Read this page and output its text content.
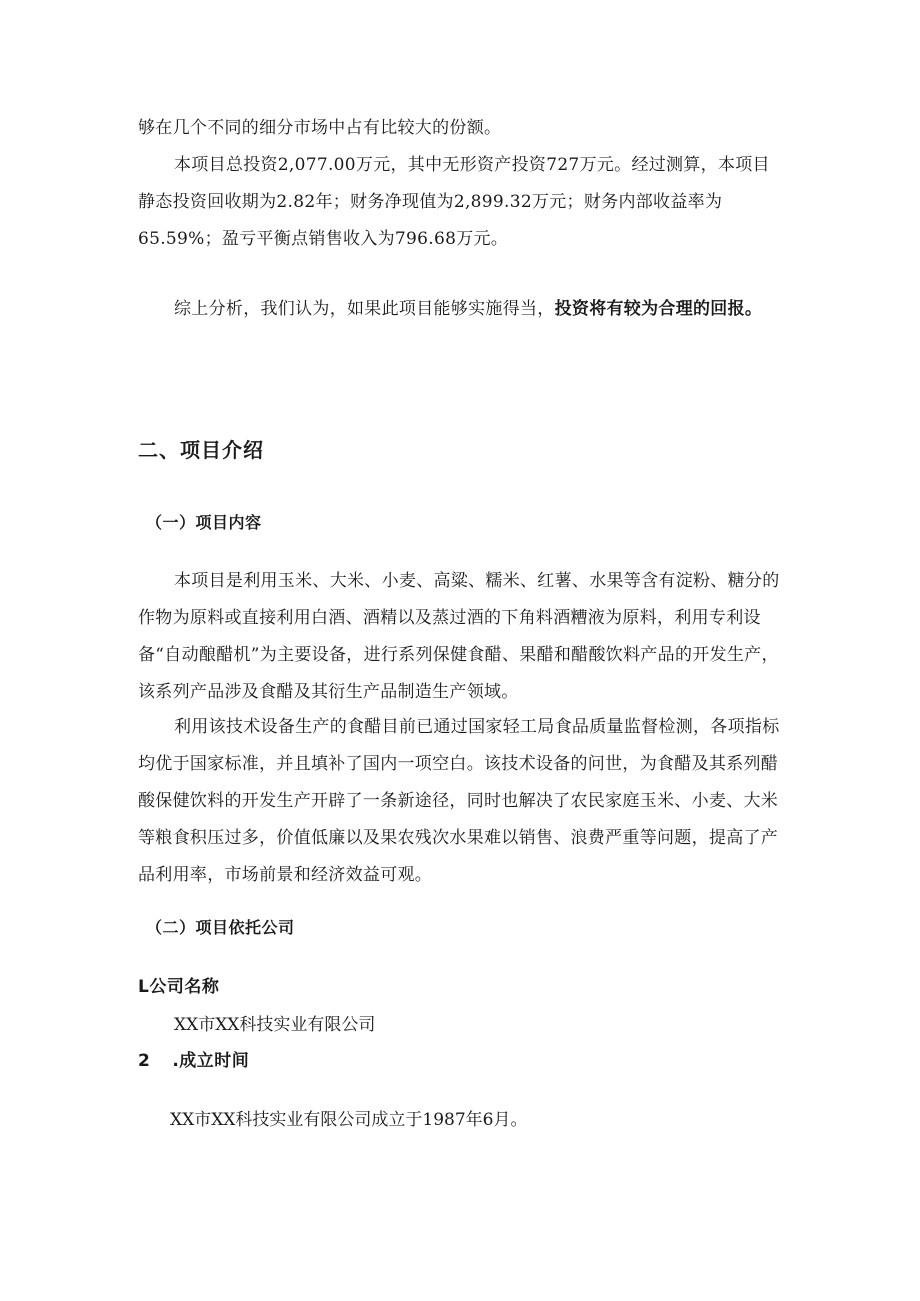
够在几个不同的细分市场中占有比较大的份额。
本项目总投资2,077.00万元，其中无形资产投资727万元。经过测算，本项目静态投资回收期为2.82年；财务净现值为2,899.32万元；财务内部收益率为65.59%；盈亏平衡点销售收入为796.68万元。
综上分析，我们认为，如果此项目能够实施得当，投资将有较为合理的回报。
二、项目介绍
（一）项目内容
本项目是利用玉米、大米、小麦、高粱、糯米、红薯、水果等含有淀粉、糖分的作物为原料或直接利用白酒、酒精以及蒸过酒的下角料酒糟液为原料，利用专利设备“自动酿醋机”为主要设备，进行系列保健食醋、果醋和醋酸饮料产品的开发生产，该系列产品涉及食醋及其衍生产品制造生产领域。
利用该技术设备生产的食醋目前已通过国家轻工局食品质量监督检测，各项指标均优于国家标准，并且填补了国内一项空白。该技术设备的问世，为食醋及其系列醋酸保健饮料的开发生产开辟了一条新途径，同时也解决了农民家庭玉米、小麦、大米等粮食积压过多，价值低廉以及果农残次水果难以销售、浪费严重等问题，提高了产品利用率，市场前景和经济效益可观。
（二）项目依托公司
L公司名称
XX市XX科技实业有限公司
2 .成立时间
XX市XX科技实业有限公司成立于1987年6月。
